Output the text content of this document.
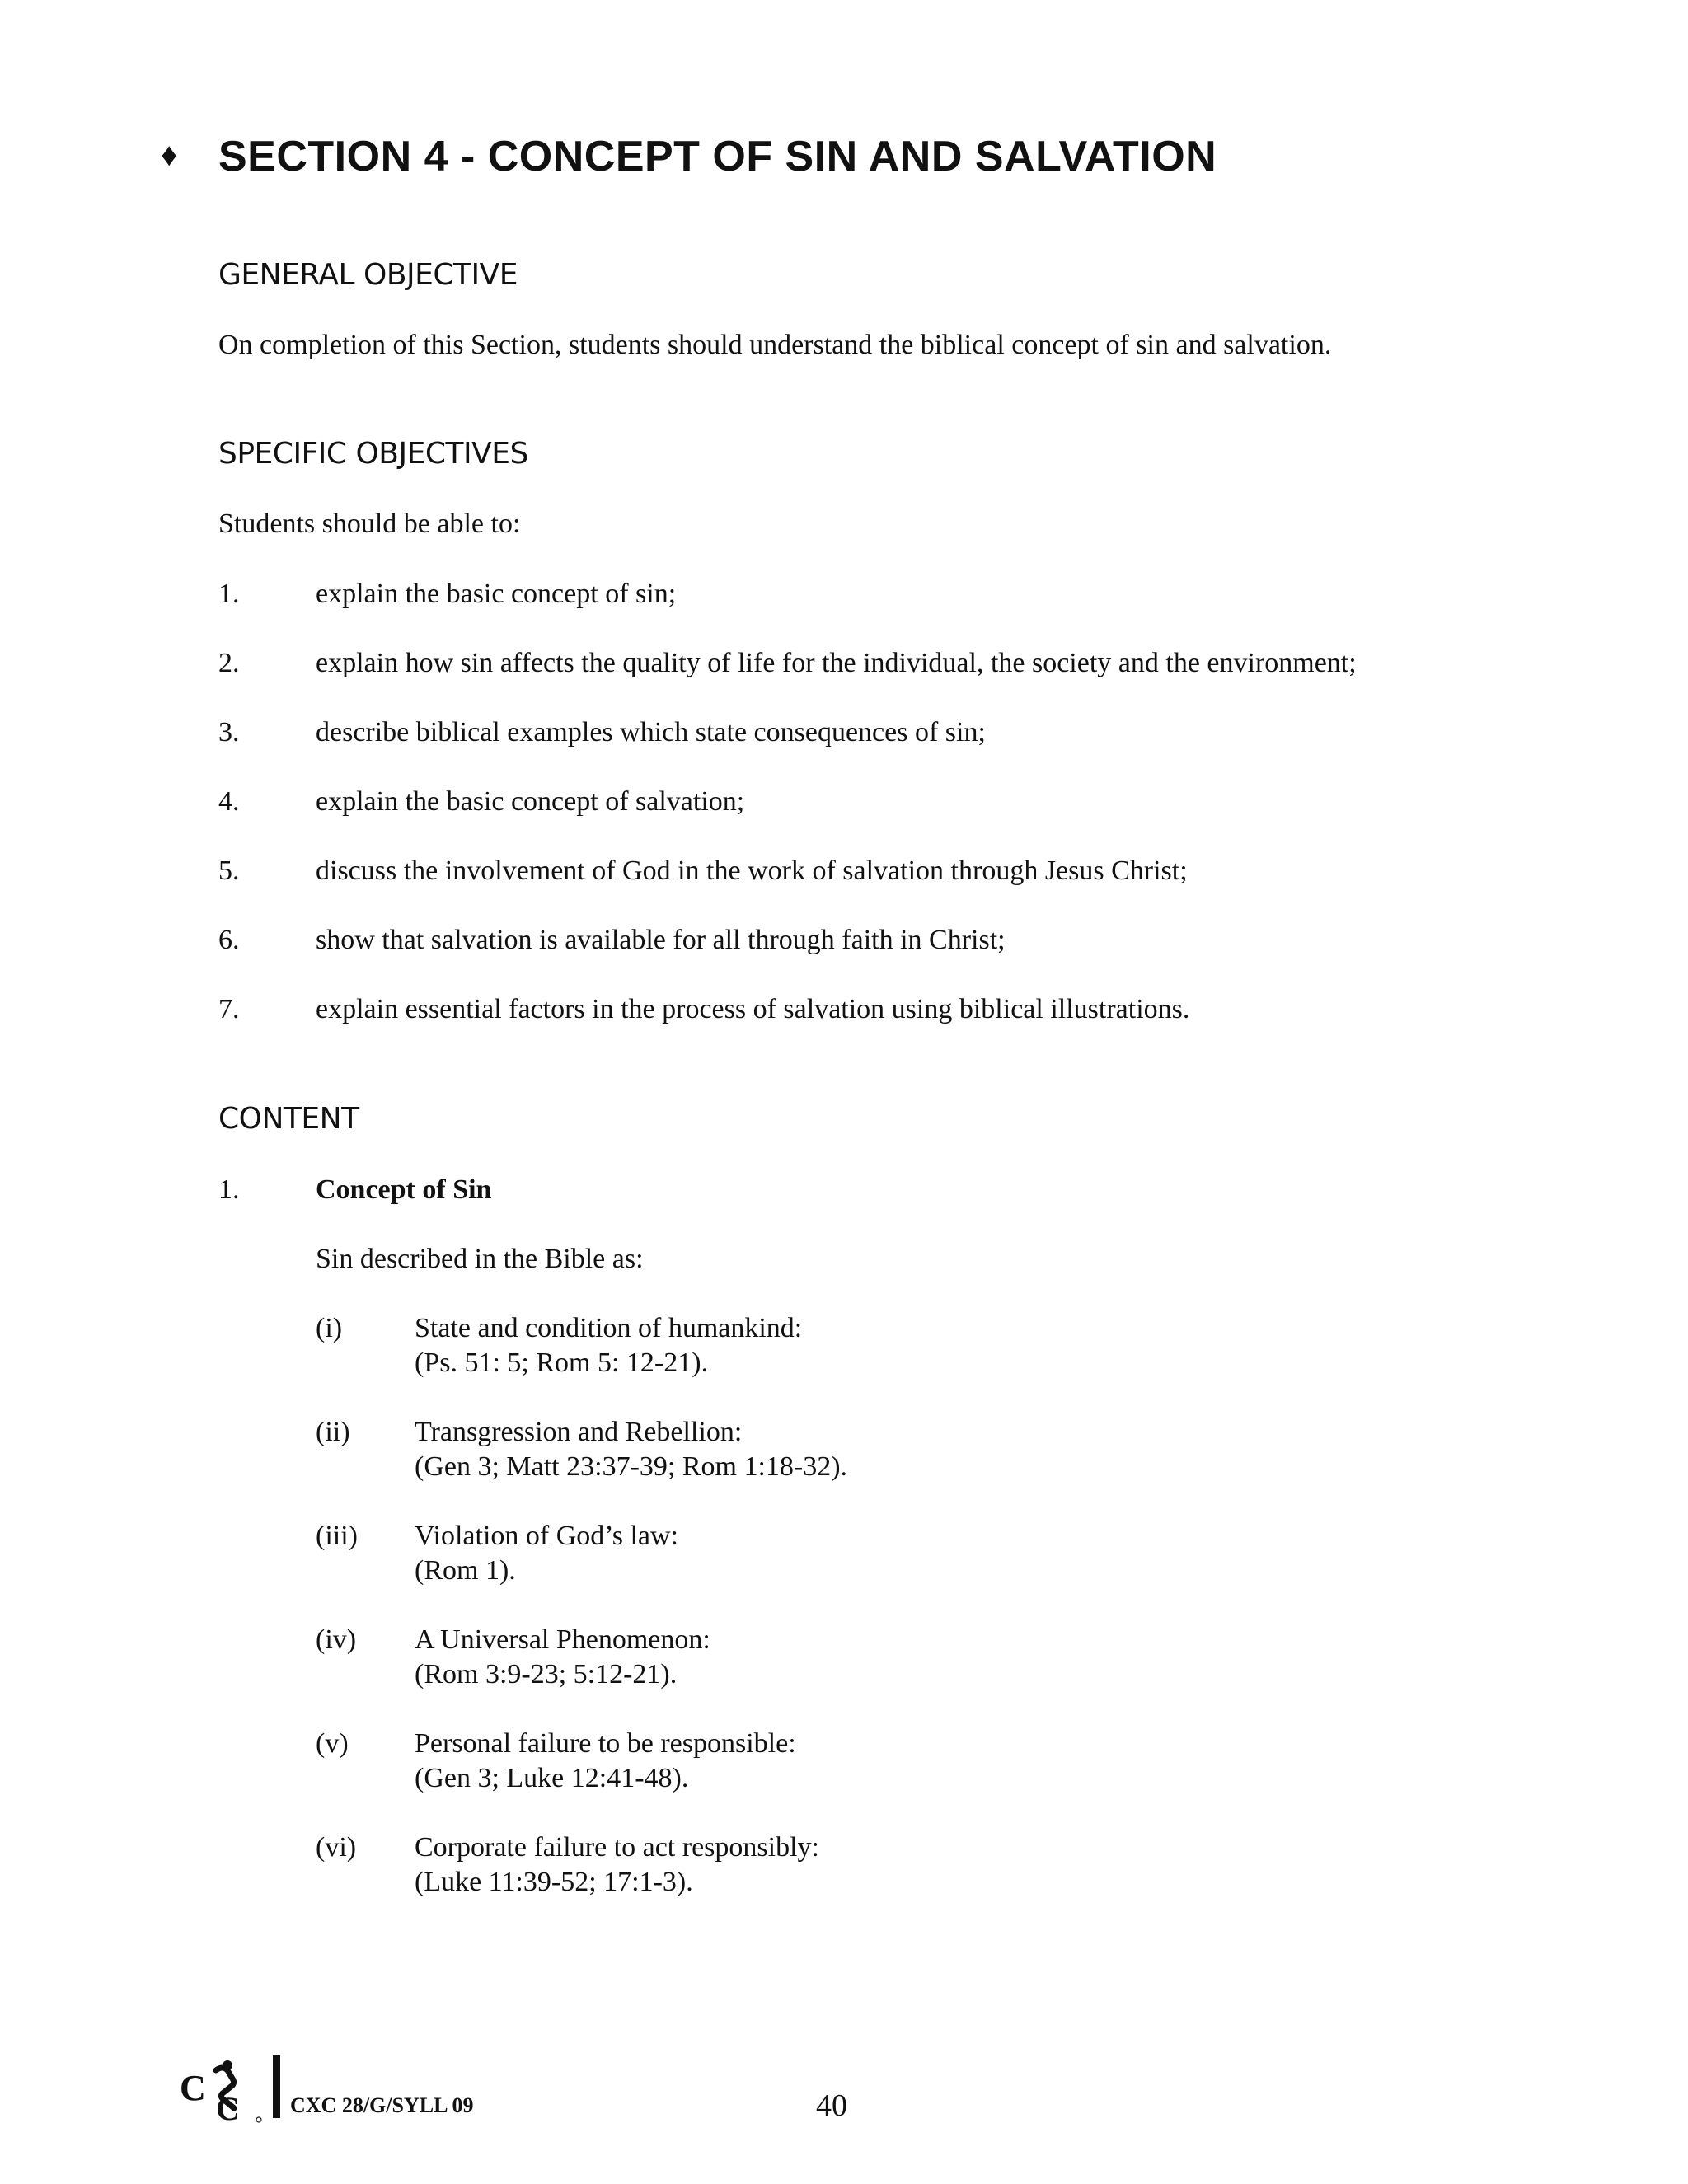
♦ SECTION 4 - CONCEPT OF SIN AND SALVATION
GENERAL OBJECTIVE
On completion of this Section, students should understand the biblical concept of sin and salvation.
SPECIFIC OBJECTIVES
Students should be able to:
1.	explain the basic concept of sin;
2.	explain how sin affects the quality of life for the individual, the society and the environment;
3.	describe biblical examples which state consequences of sin;
4.	explain the basic concept of salvation;
5.	discuss the involvement of God in the work of salvation through Jesus Christ;
6.	show that salvation is available for all through faith in Christ;
7.	explain essential factors in the process of salvation using biblical illustrations.
CONTENT
1.	Concept of Sin
Sin described in the Bible as:
(i)	State and condition of humankind:
(Ps. 51: 5; Rom 5: 12-21).
(ii) Transgression and Rebellion:
(Gen 3; Matt 23:37-39; Rom 1:18-32).
(iii) Violation of God’s law:
(Rom 1).
(iv) A Universal Phenomenon:
(Rom 3:9-23; 5:12-21).
(v) Personal failure to be responsible:
(Gen 3; Luke 12:41-48).
(vi) Corporate failure to act responsibly:
(Luke 11:39-52; 17:1-3).
C
C CXC 28/G/SYLL 09	40
